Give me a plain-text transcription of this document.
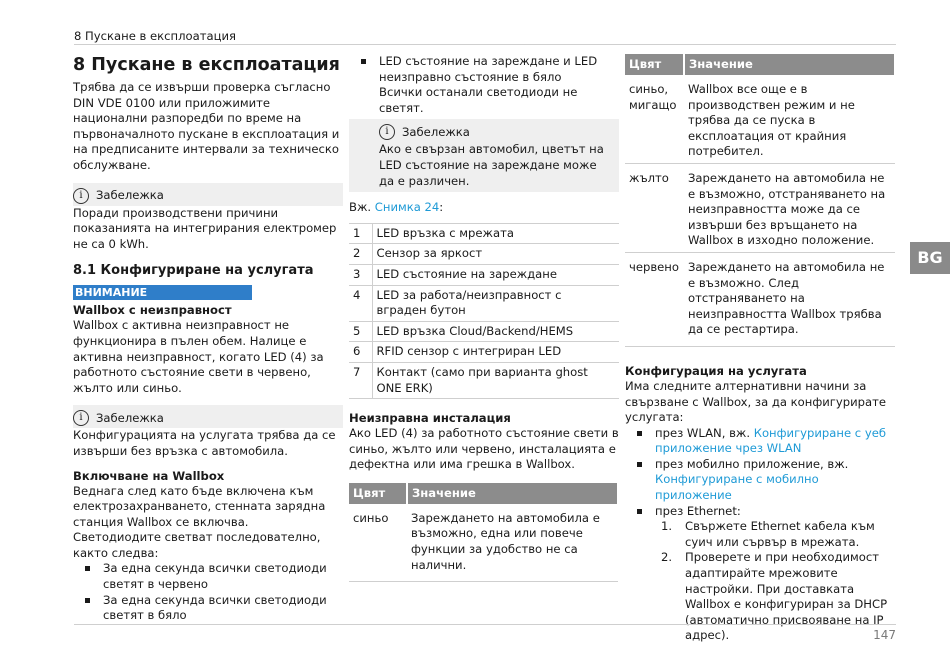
8 Пускане в експлоатация
8 Пускане в експлоатация

Трябва да се извърши проверка съгласно DIN VDE 0100 или приложимите национални разпоредби по време на първоначалното пускане в експлоатация и на предписаните интервали за техническо обслужване.

i	Забележка
Поради производствени причини показанията на интегрирания електромер не са 0 kWh.
8.1 Конфигуриране на услугата
ВНИМАНИЕ
Wallbox с неизправност

Wallbox с активна неизправност не функционира в пълен обем. Налице е активна неизправност, когато LED (4) за работното състояние свети в червено, жълто или синьо.

i	Забележка
Конфигурацията на услугата трябва да се извърши без връзка с автомобила.
Включване на Wallbox

Веднага след като бъде включена към електрозахранването, стенната зарядна станция Wallbox се включва.

Светодиодите светват последователно, както следва:

За една секунда всички светодиоди светят в червено
За една секунда всички светодиоди светят в бяло
LED състояние на зареждане и LED неизправно състояние в бяло
Всички останали светодиоди не светят.
i	Забележка
Ако е свързан автомобил, цветът на LED състояние на зареждане може да е различен.

Вж. Снимка 24:

1	LED връзка с мрежата
2	Сензор за яркост
3	LED състояние на зареждане
4	LED за работа/неизправност с вграден бутон
5	LED връзка Cloud/Backend/HEMS
6	RFID сензор с интегриран LED
7	Контакт (само при варианта ghost ONE ERK)
Неизправна инсталация

Ако LED (4) за работното състояние свети в синьо, жълто или червено, инсталацията е дефектна или има грешка в Wallbox.

Цвят	Значение
синьо	Зареждането на автомобила е възможно, една или повече функции за удобство не са налични.
Цвят	Значение
синьо, мигащо	Wallbox все още е в производствен режим и не трябва да се пуска в експлоатация от крайния потребител.
жълто	Зареждането на автомобила не е възможно, отстраняването на неизправността може да се извърши без връщането на Wallbox в изходно положение.
червено	Зареждането на автомобила не е възможно. След отстраняването на неизправността Wallbox трябва да се рестартира.
Конфигурация на услугата

Има следните алтернативни начини за свързване с Wallbox, за да конфигурирате услугата:

през WLAN, вж. Конфигуриране с уеб приложение чрез WLAN
през мобилно приложение, вж. Конфигуриране с мобилно приложение
през Ethernet:
1. Свържете Ethernet кабела към суич или сървър в мрежата.
2. Проверете и при необходимост адаптирайте мрежовите настройки. При доставката Wallbox е конфигуриран за DHCP (автоматично присвояване на IP адрес).
BG
147
